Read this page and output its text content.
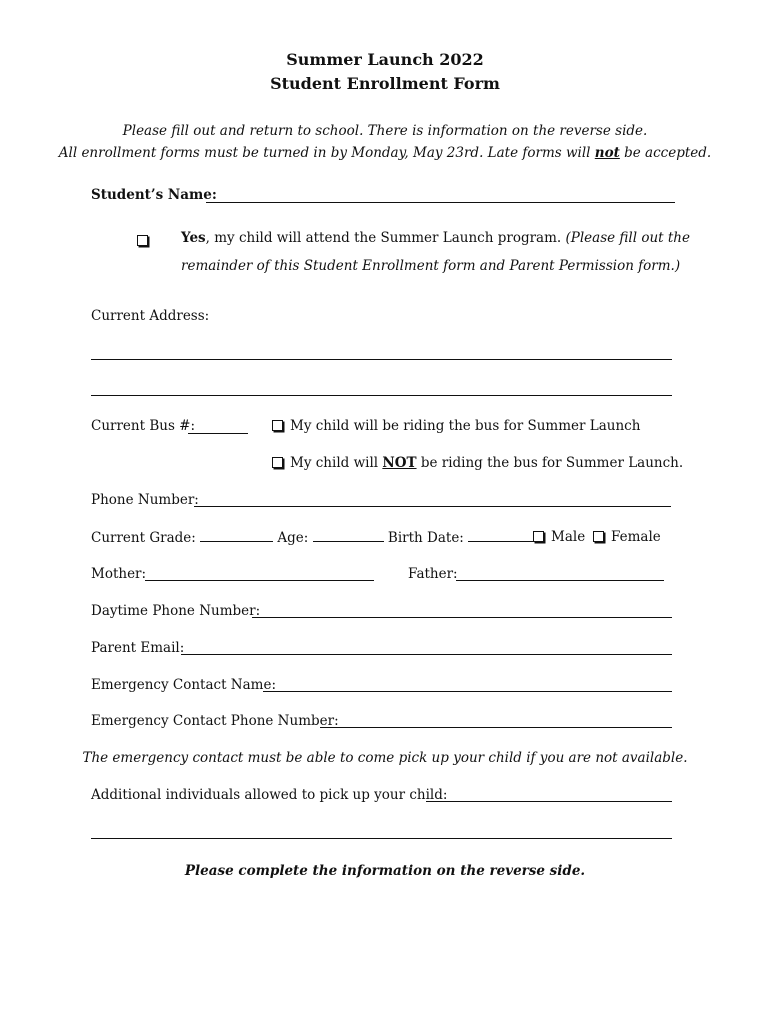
Summer Launch 2022
Student Enrollment Form
Please fill out and return to school. There is information on the reverse side.
All enrollment forms must be turned in by Monday, May 23rd. Late forms will not be accepted.
Student’s Name:
Yes, my child will attend the Summer Launch program. (Please fill out the
remainder of this Student Enrollment form and Parent Permission form.)
Current Address:
Current Bus #:	My child will be riding the bus for Summer Launch
My child will NOT be riding the bus for Summer Launch.
Phone Number:
Current Grade:	Age:	Birth Date:	Male	Female
Mother:	Father:
Daytime Phone Number:
Parent Email:
Emergency Contact Name:
Emergency Contact Phone Number:
The emergency contact must be able to come pick up your child if you are not available.
Additional individuals allowed to pick up your child:
Please complete the information on the reverse side.
